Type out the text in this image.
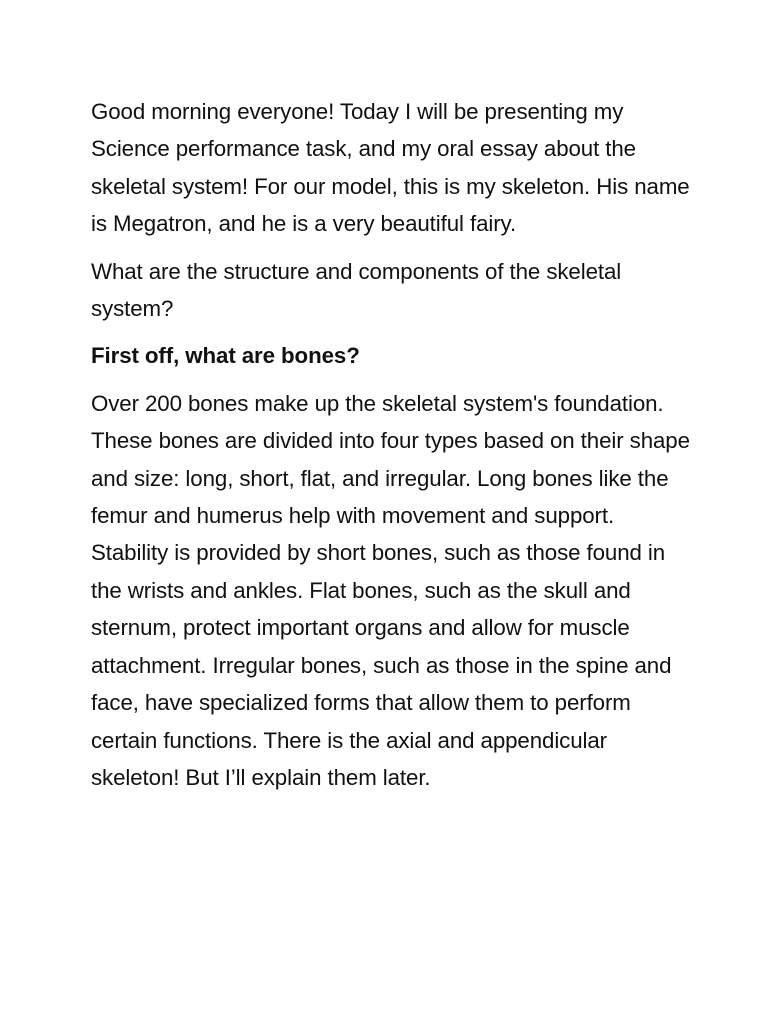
Good morning everyone! Today I will be presenting my Science performance task, and my oral essay about the skeletal system! For our model, this is my skeleton. His name is Megatron, and he is a very beautiful fairy.

What are the structure and components of the skeletal system?

First off, what are bones?

Over 200 bones make up the skeletal system's foundation. These bones are divided into four types based on their shape and size: long, short, flat, and irregular. Long bones like the femur and humerus help with movement and support. Stability is provided by short bones, such as those found in the wrists and ankles. Flat bones, such as the skull and sternum, protect important organs and allow for muscle attachment. Irregular bones, such as those in the spine and face, have specialized forms that allow them to perform certain functions. There is the axial and appendicular skeleton! But I’ll explain them later.
